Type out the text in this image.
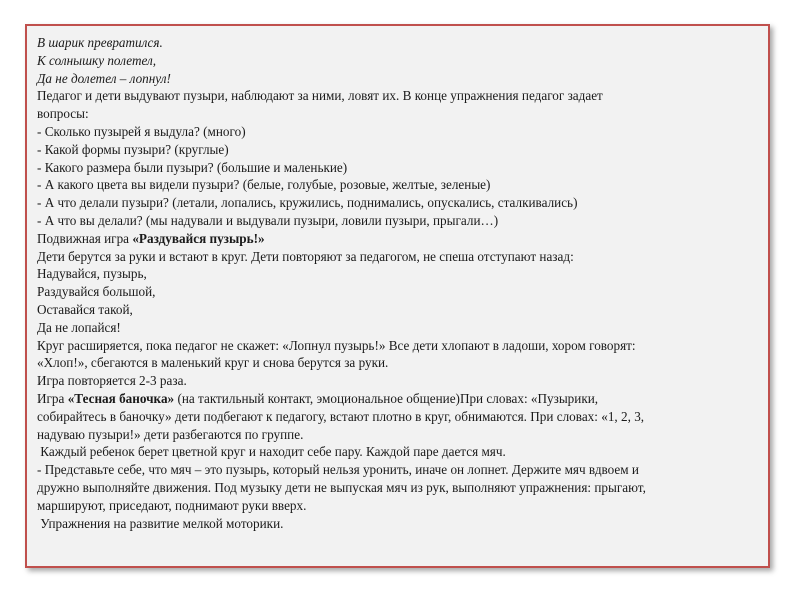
В шарик превратился.
К солнышку полетел,
Да не долетел – лопнул!
Педагог и дети выдувают пузыри, наблюдают за ними, ловят их. В конце упражнения педагог задает
вопросы:
- Сколько пузырей я выдула? (много)
- Какой формы пузыри? (круглые)
- Какого размера были пузыри? (большие и маленькие)
- А какого цвета вы видели пузыри? (белые, голубые, розовые, желтые, зеленые)
- А что делали пузыри? (летали, лопались, кружились, поднимались, опускались, сталкивались)
- А что вы делали? (мы надували и выдували пузыри, ловили пузыри, прыгали…)
Подвижная игра «Раздувайся пузырь!»
Дети берутся за руки и встают в круг. Дети повторяют за педагогом, не спеша отступают назад:
Надувайся, пузырь,
Раздувайся большой,
Оставайся такой,
Да не лопайся!
Круг расширяется, пока педагог не скажет: «Лопнул пузырь!» Все дети хлопают в ладоши, хором говорят:
«Хлоп!», сбегаются в маленький круг и снова берутся за руки.
Игра повторяется 2-3 раза.
Игра «Тесная баночка» (на тактильный контакт, эмоциональное общение)При словах: «Пузырики,
собирайтесь в баночку» дети подбегают к педагогу, встают плотно в круг, обнимаются. При словах: «1, 2, 3,
надуваю пузыри!» дети разбегаются по группе.
Каждый ребенок берет цветной круг и находит себе пару. Каждой паре дается мяч.
- Представьте себе, что мяч – это пузырь, который нельзя уронить, иначе он лопнет. Держите мяч вдвоем и
дружно выполняйте движения. Под музыку дети не выпуская мяч из рук, выполняют упражнения: прыгают,
маршируют, приседают, поднимают руки вверх.
Упражнения на развитие мелкой моторики.
